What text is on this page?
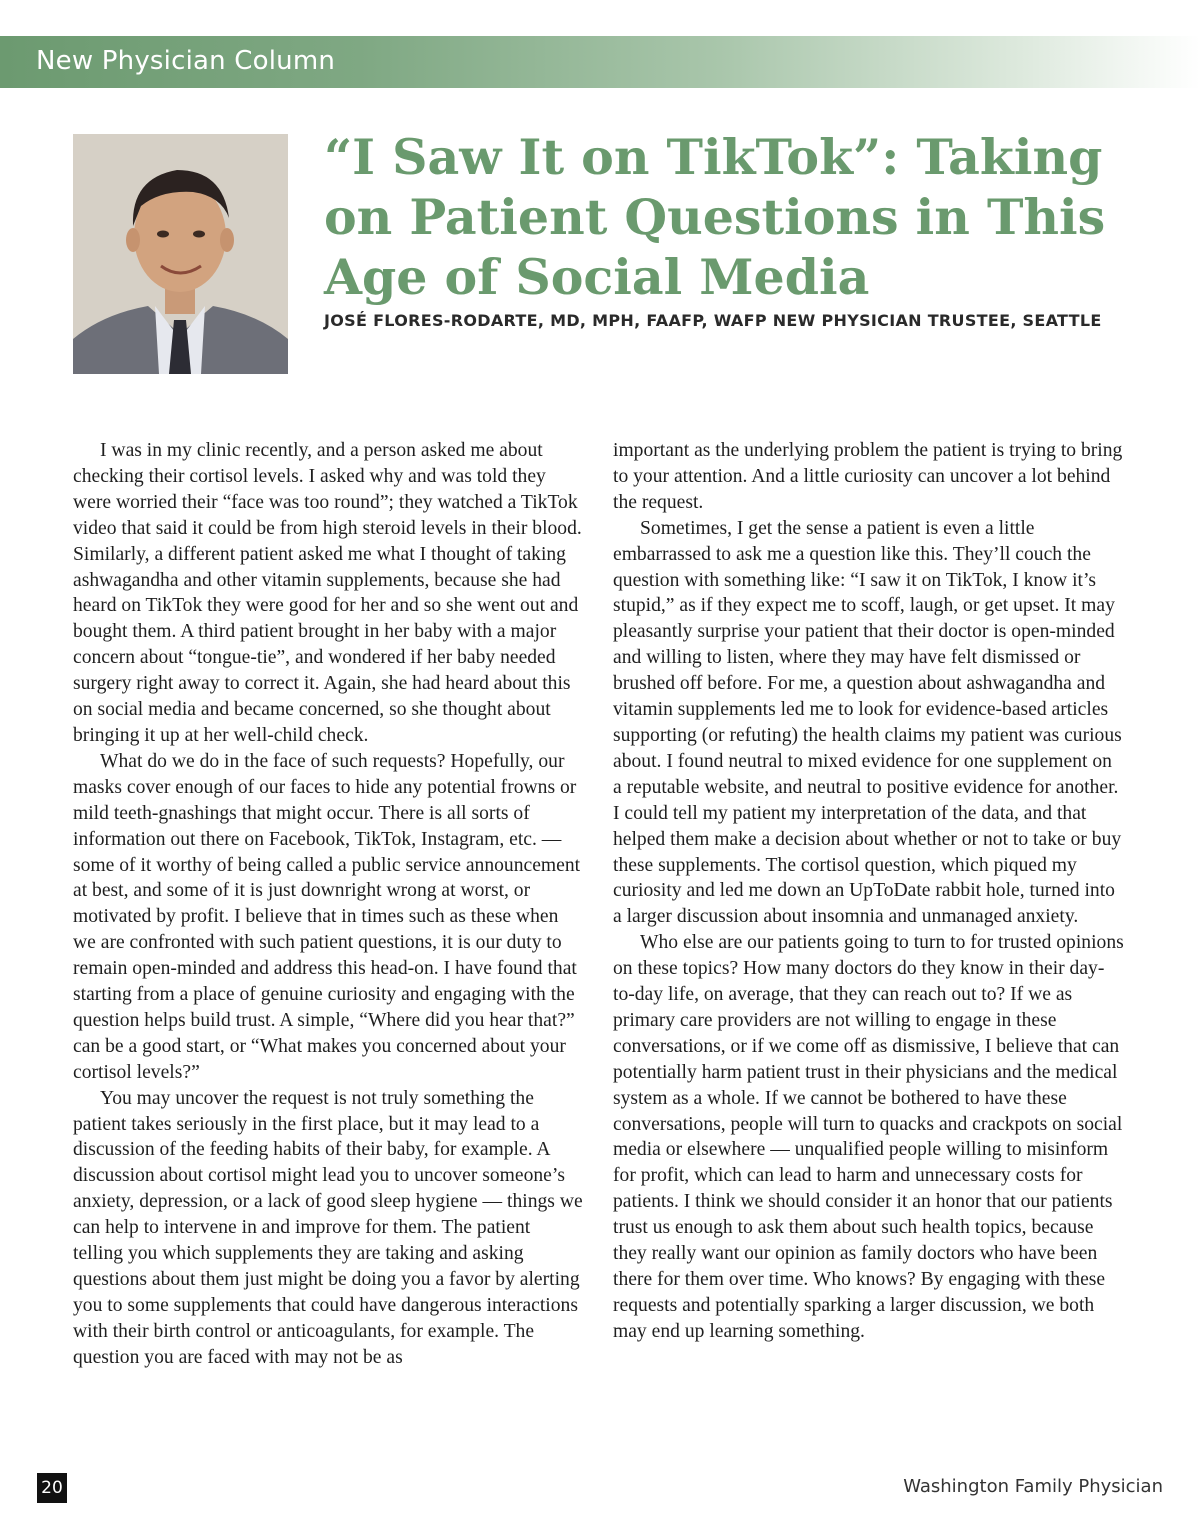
New Physician Column
“I Saw It on TikTok”: Taking on Patient Questions in This Age of Social Media
JOSÉ FLORES-RODARTE, MD, MPH, FAAFP, WAFP NEW PHYSICIAN TRUSTEE, SEATTLE

I was in my clinic recently, and a person asked me about checking their cortisol levels. I asked why and was told they were worried their “face was too round”; they watched a TikTok video that said it could be from high steroid levels in their blood. Similarly, a different patient asked me what I thought of taking ashwagandha and other vitamin supplements, because she had heard on TikTok they were good for her and so she went out and bought them. A third patient brought in her baby with a major concern about “tongue-tie”, and wondered if her baby needed surgery right away to correct it. Again, she had heard about this on social media and became concerned, so she thought about bringing it up at her well-child check.

What do we do in the face of such requests? Hopefully, our masks cover enough of our faces to hide any potential frowns or mild teeth-gnashings that might occur. There is all sorts of information out there on Facebook, TikTok, Instagram, etc. — some of it worthy of being called a public service announcement at best, and some of it is just downright wrong at worst, or motivated by profit. I believe that in times such as these when we are confronted with such patient questions, it is our duty to remain open-minded and address this head-on. I have found that starting from a place of genuine curiosity and engaging with the question helps build trust. A simple, “Where did you hear that?” can be a good start, or “What makes you concerned about your cortisol levels?”

You may uncover the request is not truly something the patient takes seriously in the first place, but it may lead to a discussion of the feeding habits of their baby, for example. A discussion about cortisol might lead you to uncover someone’s anxiety, depression, or a lack of good sleep hygiene — things we can help to intervene in and improve for them. The patient telling you which supplements they are taking and asking questions about them just might be doing you a favor by alerting you to some supplements that could have dangerous interactions with their birth control or anticoagulants, for example. The question you are faced with may not be as

important as the underlying problem the patient is trying to bring to your attention. And a little curiosity can uncover a lot behind the request.

Sometimes, I get the sense a patient is even a little embarrassed to ask me a question like this. They’ll couch the question with something like: “I saw it on TikTok, I know it’s stupid,” as if they expect me to scoff, laugh, or get upset. It may pleasantly surprise your patient that their doctor is open-minded and willing to listen, where they may have felt dismissed or brushed off before. For me, a question about ashwagandha and vitamin supplements led me to look for evidence-based articles supporting (or refuting) the health claims my patient was curious about. I found neutral to mixed evidence for one supplement on a reputable website, and neutral to positive evidence for another. I could tell my patient my interpretation of the data, and that helped them make a decision about whether or not to take or buy these supplements. The cortisol question, which piqued my curiosity and led me down an UpToDate rabbit hole, turned into a larger discussion about insomnia and unmanaged anxiety.

Who else are our patients going to turn to for trusted opinions on these topics? How many doctors do they know in their day-to-day life, on average, that they can reach out to? If we as primary care providers are not willing to engage in these conversations, or if we come off as dismissive, I believe that can potentially harm patient trust in their physicians and the medical system as a whole. If we cannot be bothered to have these conversations, people will turn to quacks and crackpots on social media or elsewhere — unqualified people willing to misinform for profit, which can lead to harm and unnecessary costs for patients. I think we should consider it an honor that our patients trust us enough to ask them about such health topics, because they really want our opinion as family doctors who have been there for them over time. Who knows? By engaging with these requests and potentially sparking a larger discussion, we both may end up learning something.

20	Washington Family Physician
